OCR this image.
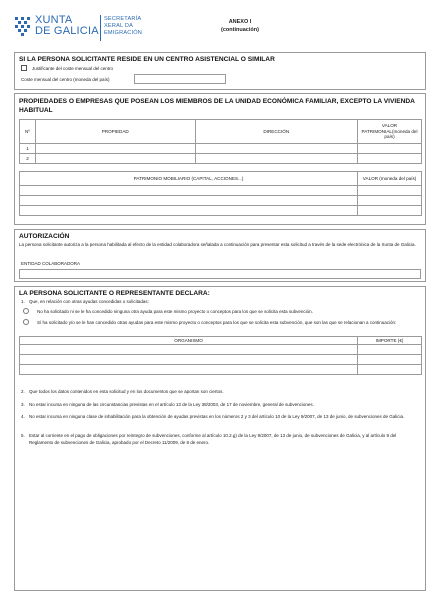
XUNTA
DE GALICIA
SECRETARÍA
XERAL DA
EMIGRACIÓN
ANEXO I
(continuación)
SI LA PERSONA SOLICITANTE RESIDE EN UN CENTRO ASISTENCIAL O SIMILAR
Justificante del coste mensual del centro
Coste mensual del centro (moneda del país)
PROPIEDADES O EMPRESAS QUE POSEAN LOS MIEMBROS DE LA UNIDAD ECONÓMICA FAMILIAR, EXCEPTO LA VIVIENDA HABITUAL
Nº	PROPIEDAD	DIRECCIÓN	VALOR PATRIMONIAL(moneda del país)
1			
2			
PATRIMONIO MOBILIARIO (CAPITAL, ACCIONES...)	VALOR (moneda del país)

AUTORIZACIÓN
La persona solicitante autoriza a la persona habilitada al efecto de la entidad colaboradora señalada a continuación para presentar esta solicitud a través de la sede electrónica de la Xunta de Galicia.
ENTIDAD COLABORADORA
LA PERSONA SOLICITANTE O REPRESENTANTE DECLARA:
1. Que, en relación con otras ayudas concedidas o solicitadas:
No ha solicitado ni se le ha concedido ninguna otra ayuda para este mismo proyecto o conceptos para los que se solicita esta subvención.
Sí ha solicitado y/o se le han concedido otras ayudas para este mismo proyecto o conceptos para los que se solicita esta subvención, que son las que se relacionan a continuación:
ORGANISMO	IMPORTE (€)

2. Que todos los datos contenidos en esta solicitud y en los documentos que se aportan son ciertos.
3. No estar incursa en ninguna de las circunstancias previstas en el artículo 13 de la Ley 38/2003, de 17 de noviembre, general de subvenciones.
4. No estar incursa en ninguna clase de inhabilitación para la obtención de ayudas previstas en los números 2 y 3 del artículo 10 de la Ley 9/2007, de 13 de junio, de subvenciones de Galicia.
5. Estar al corriente en el pago de obligaciones por reintegro de subvenciones, conforme al artículo 10.2.g) de la Ley 9/2007, de 13 de junio, de subvenciones de Galicia, y al artículo 9 del Reglamento de subvenciones de Galicia, aprobado por el Decreto 11/2009, de 8 de enero.
